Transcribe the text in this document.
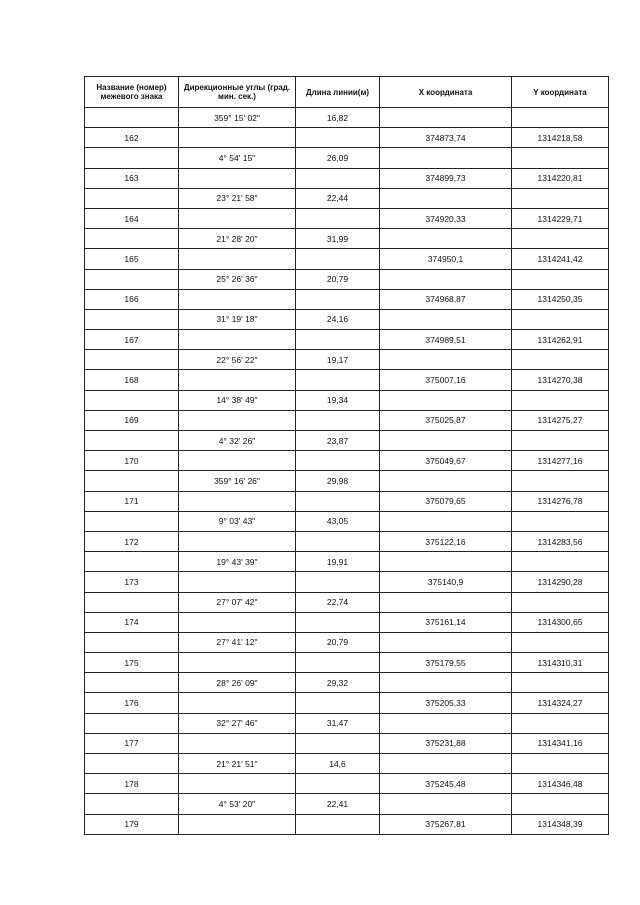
Название (номер) межевого знака	Дирекционные углы (град. мин. сек.)	Длина линии(м)	X координата	Y координата
	359° 15' 02"	16,82		
162			374873,74	1314218,58
	4° 54' 15"	26,09		
163			374899,73	1314220,81
	23° 21' 58"	22,44		
164			374920,33	1314229,71
	21° 28' 20"	31,99		
165			374950,1	1314241,42
	25° 26' 36"	20,79		
166			374968,87	1314250,35
	31° 19' 18"	24,16		
167			374989,51	1314262,91
	22° 56' 22"	19,17		
168			375007,16	1314270,38
	14° 38' 49"	19,34		
169			375025,87	1314275,27
	4° 32' 26"	23,87		
170			375049,67	1314277,16
	359° 16' 26"	29,98		
171			375079,65	1314276,78
	9° 03' 43"	43,05		
172			375122,16	1314283,56
	19° 43' 39"	19,91		
173			375140,9	1314290,28
	27° 07' 42"	22,74		
174			375161,14	1314300,65
	27° 41' 12"	20,79		
175			375179,55	1314310,31
	28° 26' 09"	29,32		
176			375205,33	1314324,27
	32° 27' 46"	31,47		
177			375231,88	1314341,16
	21° 21' 51"	14,6		
178			375245,48	1314346,48
	4° 53' 20"	22,41		
179			375267,81	1314348,39
